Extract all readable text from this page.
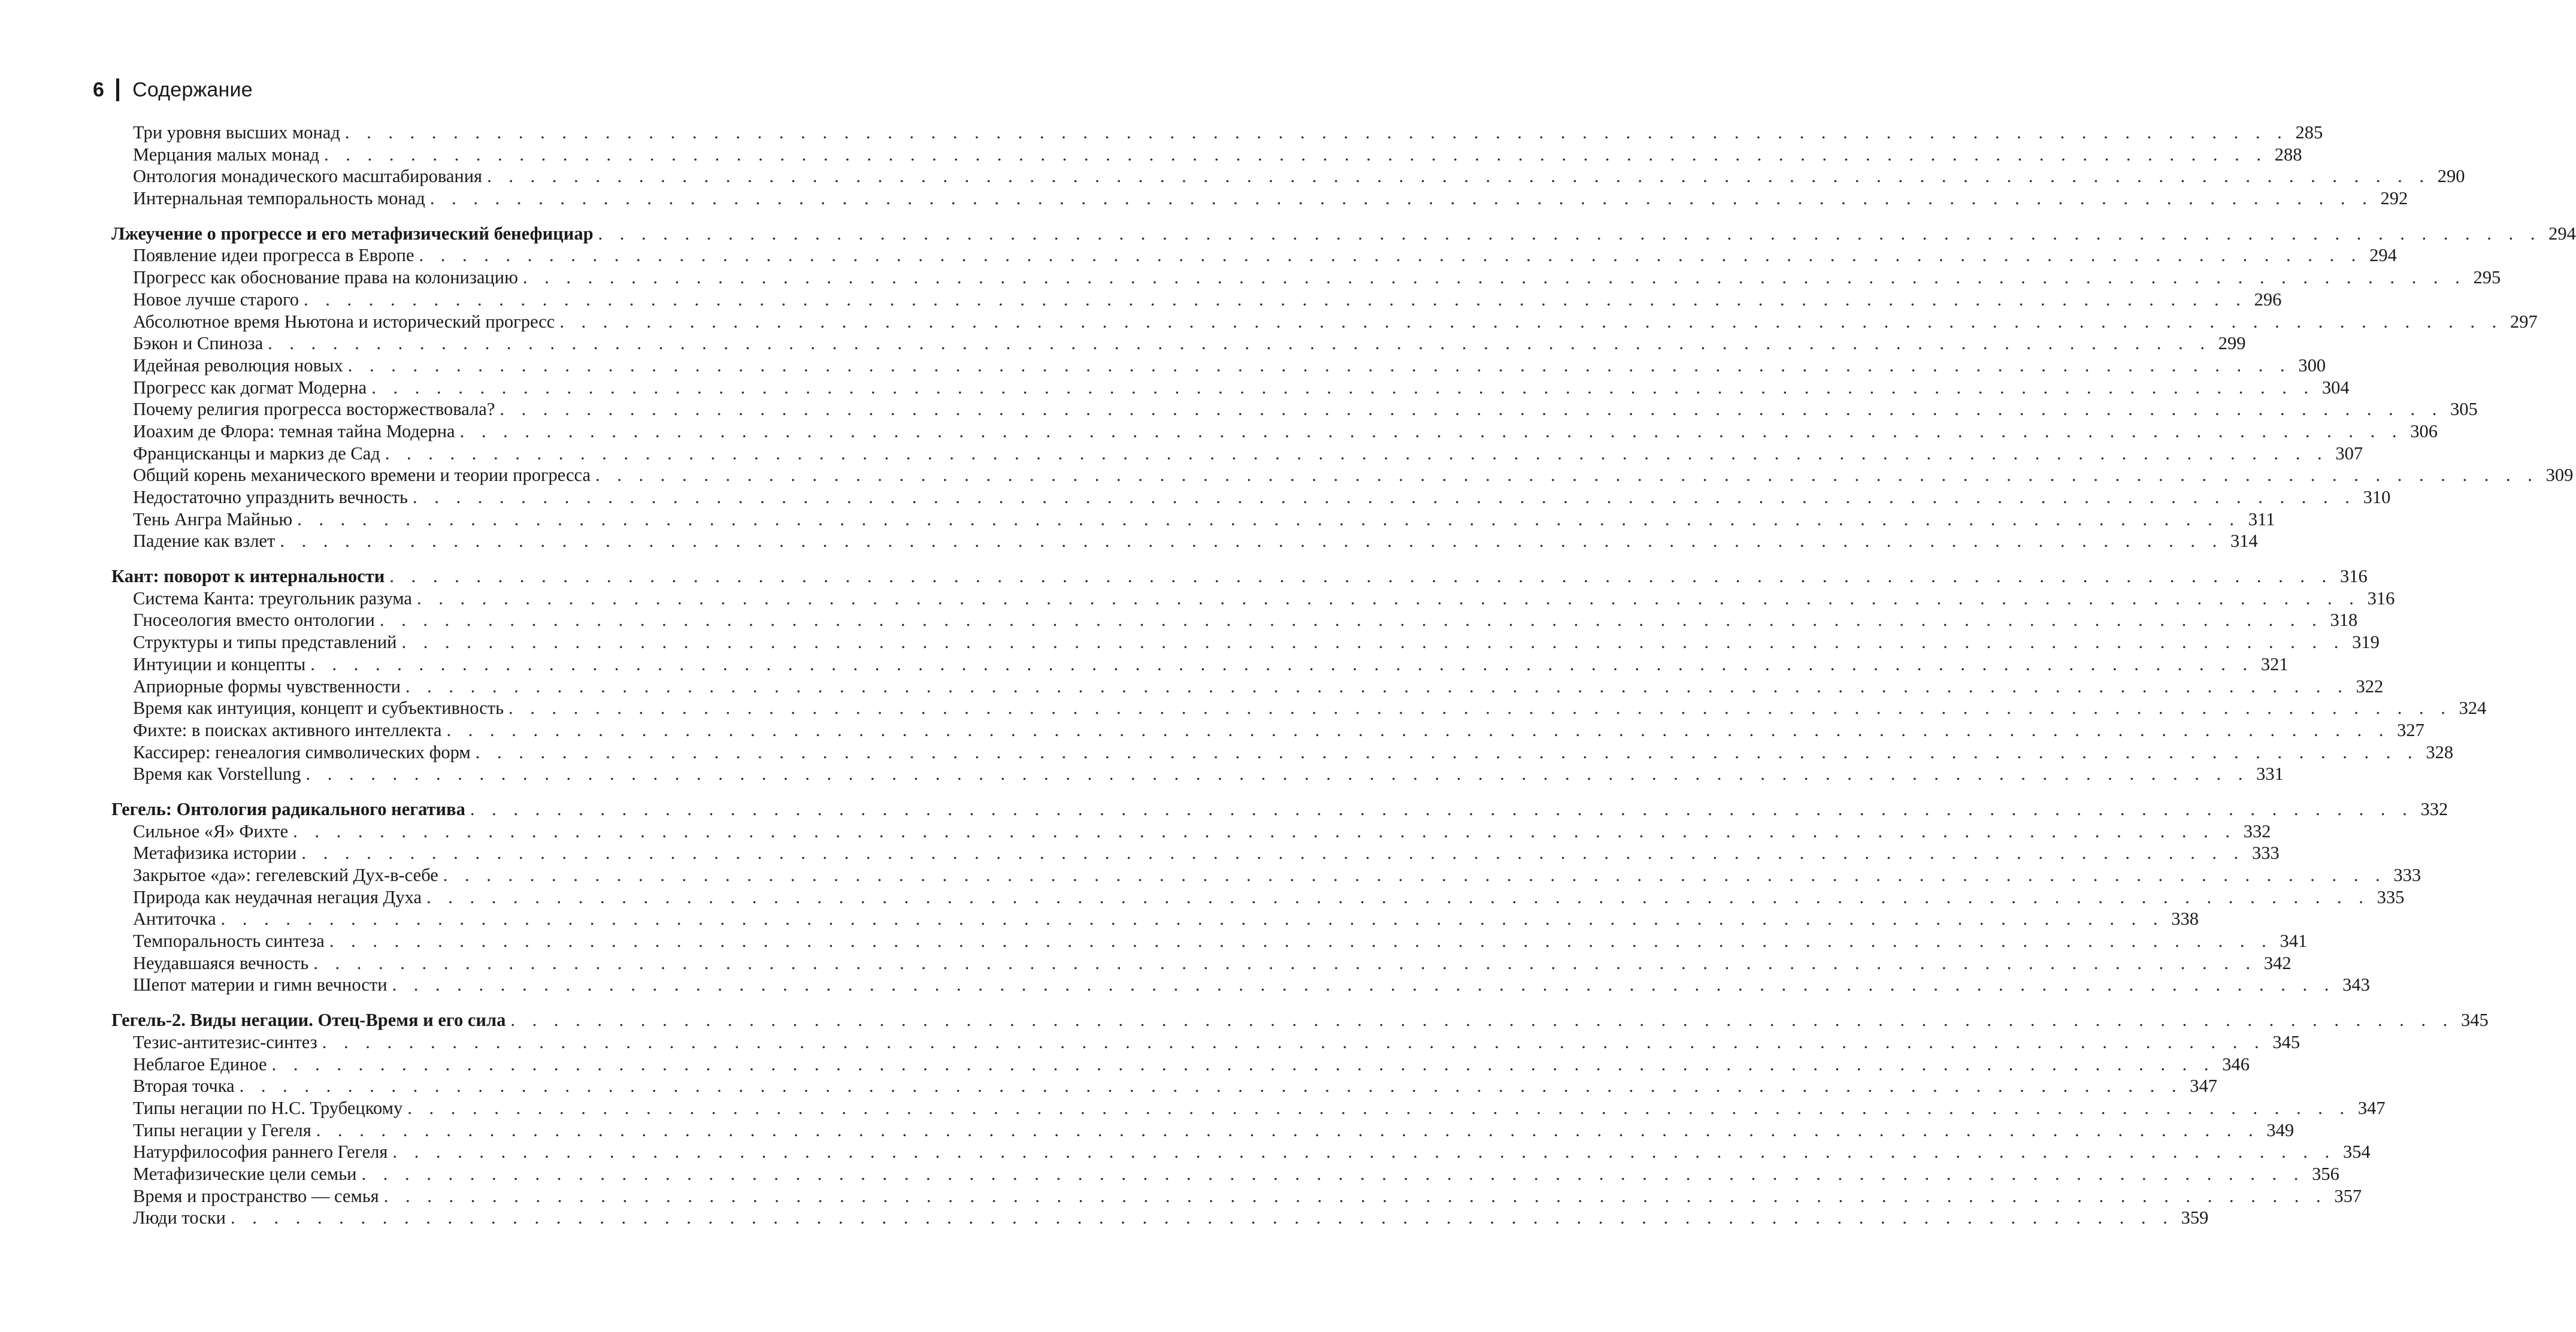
6 Содержание
Три уровня высших монад . . . . . . . . . . . . . . . . . . . . . . . . . . . . . . . . . . . . . . . . . . . . . . . . . . . . . . . . . . . . . . . . . . . . . . . . . . . . . . . . . . . . . . . . . . 285
Мерцания малых монад . . . . . . . . . . . . . . . . . . . . . . . . . . . . . . . . . . . . . . . . . . . . . . . . . . . . . . . . . . . . . . . . . . . . . . . . . . . . . . . . . . . . . . . . . . 288
Онтология монадического масштабирования . . . . . . . . . . . . . . . . . . . . . . . . . . . . . . . . . . . . . . . . . . . . . . . . . . . . . . . . . . . . . . . . . . . . . . . . . . . . . . . . . . . . . . . . . . 290
Интернальная темпоральность монад . . . . . . . . . . . . . . . . . . . . . . . . . . . . . . . . . . . . . . . . . . . . . . . . . . . . . . . . . . . . . . . . . . . . . . . . . . . . . . . . . . . . . . . . . . 292
Лжеучение о прогрессе и его метафизический бенефициар . . . . . . . . . . . . . . . . . . . . . . . . . . . . . . . . . . . . . . . . . . . . . . . . . . . . . . . . . . . . . . . . . . . . . . . . . . . . . . . . . . . . . . . . . . 294
Появление идеи прогресса в Европе . . . . . . . . . . . . . . . . . . . . . . . . . . . . . . . . . . . . . . . . . . . . . . . . . . . . . . . . . . . . . . . . . . . . . . . . . . . . . . . . . . . . . . . . . . 294
Прогресс как обоснование права на колонизацию . . . . . . . . . . . . . . . . . . . . . . . . . . . . . . . . . . . . . . . . . . . . . . . . . . . . . . . . . . . . . . . . . . . . . . . . . . . . . . . . . . . . . . . . . . 295
Новое лучше старого . . . . . . . . . . . . . . . . . . . . . . . . . . . . . . . . . . . . . . . . . . . . . . . . . . . . . . . . . . . . . . . . . . . . . . . . . . . . . . . . . . . . . . . . . . 296
Абсолютное время Ньютона и исторический прогресс . . . . . . . . . . . . . . . . . . . . . . . . . . . . . . . . . . . . . . . . . . . . . . . . . . . . . . . . . . . . . . . . . . . . . . . . . . . . . . . . . . . . . . . . . . 297
Бэкон и Спиноза . . . . . . . . . . . . . . . . . . . . . . . . . . . . . . . . . . . . . . . . . . . . . . . . . . . . . . . . . . . . . . . . . . . . . . . . . . . . . . . . . . . . . . . . . . 299
Идейная революция новых . . . . . . . . . . . . . . . . . . . . . . . . . . . . . . . . . . . . . . . . . . . . . . . . . . . . . . . . . . . . . . . . . . . . . . . . . . . . . . . . . . . . . . . . . . 300
Прогресс как догмат Модерна . . . . . . . . . . . . . . . . . . . . . . . . . . . . . . . . . . . . . . . . . . . . . . . . . . . . . . . . . . . . . . . . . . . . . . . . . . . . . . . . . . . . . . . . . . 304
Почему религия прогресса восторжествовала? . . . . . . . . . . . . . . . . . . . . . . . . . . . . . . . . . . . . . . . . . . . . . . . . . . . . . . . . . . . . . . . . . . . . . . . . . . . . . . . . . . . . . . . . . . 305
Иоахим де Флора: темная тайна Модерна . . . . . . . . . . . . . . . . . . . . . . . . . . . . . . . . . . . . . . . . . . . . . . . . . . . . . . . . . . . . . . . . . . . . . . . . . . . . . . . . . . . . . . . . . . 306
Францисканцы и маркиз де Сад . . . . . . . . . . . . . . . . . . . . . . . . . . . . . . . . . . . . . . . . . . . . . . . . . . . . . . . . . . . . . . . . . . . . . . . . . . . . . . . . . . . . . . . . . . 307
Общий корень механического времени и теории прогресса . . . . . . . . . . . . . . . . . . . . . . . . . . . . . . . . . . . . . . . . . . . . . . . . . . . . . . . . . . . . . . . . . . . . . . . . . . . . . . . . . . . . . . . . . . 309
Недостаточно упразднить вечность . . . . . . . . . . . . . . . . . . . . . . . . . . . . . . . . . . . . . . . . . . . . . . . . . . . . . . . . . . . . . . . . . . . . . . . . . . . . . . . . . . . . . . . . . . 310
Тень Ангра Майнью . . . . . . . . . . . . . . . . . . . . . . . . . . . . . . . . . . . . . . . . . . . . . . . . . . . . . . . . . . . . . . . . . . . . . . . . . . . . . . . . . . . . . . . . . . 311
Падение как взлет . . . . . . . . . . . . . . . . . . . . . . . . . . . . . . . . . . . . . . . . . . . . . . . . . . . . . . . . . . . . . . . . . . . . . . . . . . . . . . . . . . . . . . . . . . 314
Кант: поворот к интернальности . . . . . . . . . . . . . . . . . . . . . . . . . . . . . . . . . . . . . . . . . . . . . . . . . . . . . . . . . . . . . . . . . . . . . . . . . . . . . . . . . . . . . . . . . . 316
Система Канта: треугольник разума . . . . . . . . . . . . . . . . . . . . . . . . . . . . . . . . . . . . . . . . . . . . . . . . . . . . . . . . . . . . . . . . . . . . . . . . . . . . . . . . . . . . . . . . . . 316
Гносеология вместо онтологии . . . . . . . . . . . . . . . . . . . . . . . . . . . . . . . . . . . . . . . . . . . . . . . . . . . . . . . . . . . . . . . . . . . . . . . . . . . . . . . . . . . . . . . . . . 318
Структуры и типы представлений . . . . . . . . . . . . . . . . . . . . . . . . . . . . . . . . . . . . . . . . . . . . . . . . . . . . . . . . . . . . . . . . . . . . . . . . . . . . . . . . . . . . . . . . . . 319
Интуиции и концепты . . . . . . . . . . . . . . . . . . . . . . . . . . . . . . . . . . . . . . . . . . . . . . . . . . . . . . . . . . . . . . . . . . . . . . . . . . . . . . . . . . . . . . . . . . 321
Априорные формы чувственности . . . . . . . . . . . . . . . . . . . . . . . . . . . . . . . . . . . . . . . . . . . . . . . . . . . . . . . . . . . . . . . . . . . . . . . . . . . . . . . . . . . . . . . . . . 322
Время как интуиция, концепт и субъективность . . . . . . . . . . . . . . . . . . . . . . . . . . . . . . . . . . . . . . . . . . . . . . . . . . . . . . . . . . . . . . . . . . . . . . . . . . . . . . . . . . . . . . . . . . 324
Фихте: в поисках активного интеллекта . . . . . . . . . . . . . . . . . . . . . . . . . . . . . . . . . . . . . . . . . . . . . . . . . . . . . . . . . . . . . . . . . . . . . . . . . . . . . . . . . . . . . . . . . . 327
Кассирер: генеалогия символических форм . . . . . . . . . . . . . . . . . . . . . . . . . . . . . . . . . . . . . . . . . . . . . . . . . . . . . . . . . . . . . . . . . . . . . . . . . . . . . . . . . . . . . . . . . . 328
Время как Vorstellung . . . . . . . . . . . . . . . . . . . . . . . . . . . . . . . . . . . . . . . . . . . . . . . . . . . . . . . . . . . . . . . . . . . . . . . . . . . . . . . . . . . . . . . . . . 331
Гегель: Онтология радикального негатива . . . . . . . . . . . . . . . . . . . . . . . . . . . . . . . . . . . . . . . . . . . . . . . . . . . . . . . . . . . . . . . . . . . . . . . . . . . . . . . . . . . . . . . . . . 332
Сильное «Я» Фихте . . . . . . . . . . . . . . . . . . . . . . . . . . . . . . . . . . . . . . . . . . . . . . . . . . . . . . . . . . . . . . . . . . . . . . . . . . . . . . . . . . . . . . . . . . 332
Метафизика истории . . . . . . . . . . . . . . . . . . . . . . . . . . . . . . . . . . . . . . . . . . . . . . . . . . . . . . . . . . . . . . . . . . . . . . . . . . . . . . . . . . . . . . . . . . 333
Закрытое «да»: гегелевский Дух-в-себе . . . . . . . . . . . . . . . . . . . . . . . . . . . . . . . . . . . . . . . . . . . . . . . . . . . . . . . . . . . . . . . . . . . . . . . . . . . . . . . . . . . . . . . . . . 333
Природа как неудачная негация Духа . . . . . . . . . . . . . . . . . . . . . . . . . . . . . . . . . . . . . . . . . . . . . . . . . . . . . . . . . . . . . . . . . . . . . . . . . . . . . . . . . . . . . . . . . . 335
Антиточка . . . . . . . . . . . . . . . . . . . . . . . . . . . . . . . . . . . . . . . . . . . . . . . . . . . . . . . . . . . . . . . . . . . . . . . . . . . . . . . . . . . . . . . . . . 338
Темпоральность синтеза . . . . . . . . . . . . . . . . . . . . . . . . . . . . . . . . . . . . . . . . . . . . . . . . . . . . . . . . . . . . . . . . . . . . . . . . . . . . . . . . . . . . . . . . . . 341
Неудавшаяся вечность . . . . . . . . . . . . . . . . . . . . . . . . . . . . . . . . . . . . . . . . . . . . . . . . . . . . . . . . . . . . . . . . . . . . . . . . . . . . . . . . . . . . . . . . . . 342
Шепот материи и гимн вечности . . . . . . . . . . . . . . . . . . . . . . . . . . . . . . . . . . . . . . . . . . . . . . . . . . . . . . . . . . . . . . . . . . . . . . . . . . . . . . . . . . . . . . . . . . 343
Гегель-2. Виды негации. Отец-Время и его сила . . . . . . . . . . . . . . . . . . . . . . . . . . . . . . . . . . . . . . . . . . . . . . . . . . . . . . . . . . . . . . . . . . . . . . . . . . . . . . . . . . . . . . . . . . 345
Тезис-антитезис-синтез . . . . . . . . . . . . . . . . . . . . . . . . . . . . . . . . . . . . . . . . . . . . . . . . . . . . . . . . . . . . . . . . . . . . . . . . . . . . . . . . . . . . . . . . . . 345
Неблагое Единое . . . . . . . . . . . . . . . . . . . . . . . . . . . . . . . . . . . . . . . . . . . . . . . . . . . . . . . . . . . . . . . . . . . . . . . . . . . . . . . . . . . . . . . . . . 346
Вторая точка . . . . . . . . . . . . . . . . . . . . . . . . . . . . . . . . . . . . . . . . . . . . . . . . . . . . . . . . . . . . . . . . . . . . . . . . . . . . . . . . . . . . . . . . . . 347
Типы негации по Н.С. Трубецкому . . . . . . . . . . . . . . . . . . . . . . . . . . . . . . . . . . . . . . . . . . . . . . . . . . . . . . . . . . . . . . . . . . . . . . . . . . . . . . . . . . . . . . . . . . 347
Типы негации у Гегеля . . . . . . . . . . . . . . . . . . . . . . . . . . . . . . . . . . . . . . . . . . . . . . . . . . . . . . . . . . . . . . . . . . . . . . . . . . . . . . . . . . . . . . . . . . 349
Натурфилософия раннего Гегеля . . . . . . . . . . . . . . . . . . . . . . . . . . . . . . . . . . . . . . . . . . . . . . . . . . . . . . . . . . . . . . . . . . . . . . . . . . . . . . . . . . . . . . . . . . 354
Метафизические цели семьи . . . . . . . . . . . . . . . . . . . . . . . . . . . . . . . . . . . . . . . . . . . . . . . . . . . . . . . . . . . . . . . . . . . . . . . . . . . . . . . . . . . . . . . . . . 356
Время и пространство — семья . . . . . . . . . . . . . . . . . . . . . . . . . . . . . . . . . . . . . . . . . . . . . . . . . . . . . . . . . . . . . . . . . . . . . . . . . . . . . . . . . . . . . . . . . . 357
Люди тоски . . . . . . . . . . . . . . . . . . . . . . . . . . . . . . . . . . . . . . . . . . . . . . . . . . . . . . . . . . . . . . . . . . . . . . . . . . . . . . . . . . . . . . . . . . 359
